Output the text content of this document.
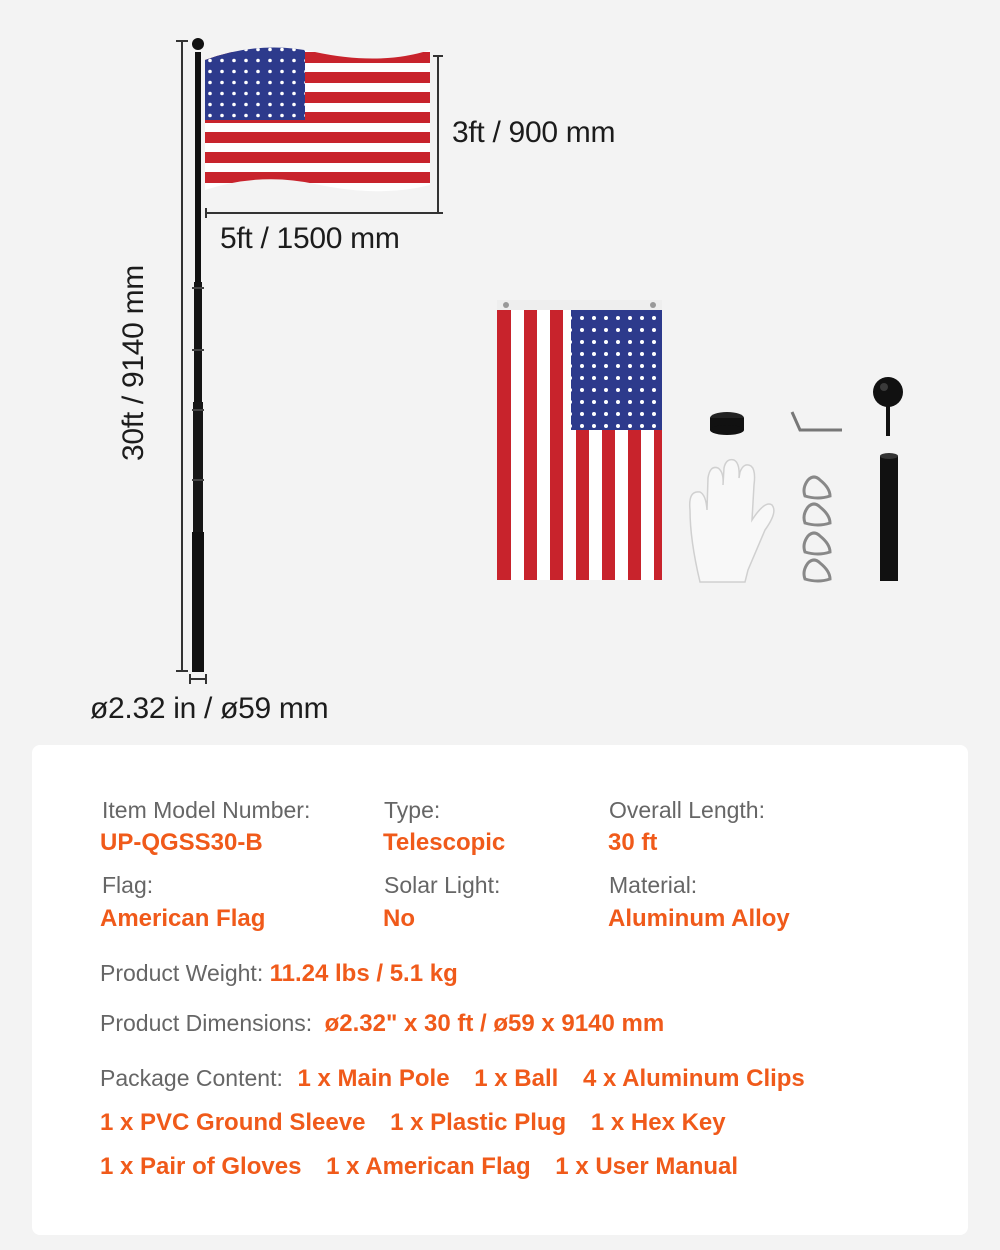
30ft / 9140 mm
3ft / 900 mm
5ft / 1500 mm
ø2.32 in / ø59 mm
Item Model Number:
UP-QGSS30-B
Type:
Telescopic
Overall Length:
30 ft
Flag:
American Flag
Solar Light:
No
Material:
Aluminum Alloy
Product Weight: 11.24 lbs / 5.1 kg
Product Dimensions: ø2.32" x 30 ft / ø59 x 9140 mm
Package Content: 1 x Main Pole 1 x Ball 4 x Aluminum Clips
1 x PVC Ground Sleeve 1 x Plastic Plug 1 x Hex Key
1 x Pair of Gloves 1 x American Flag 1 x User Manual
